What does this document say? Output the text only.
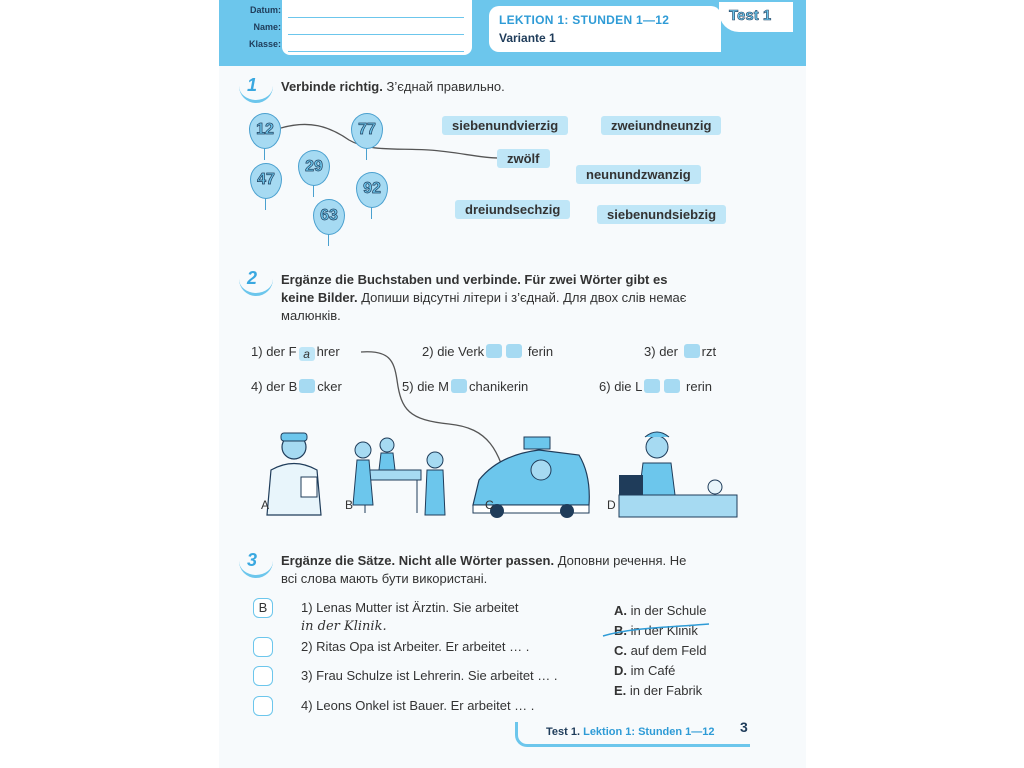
Datum:
Name:
Klasse:
LEKTION 1: STUNDEN 1—12
Variante 1
Test 1
1 Verbinde richtig. З’єднай правильно.
12	77
29
47
92
63
siebenundvierzig	zweiundneunzig
zwölf
neunundzwanzig
dreiundsechzig	siebenundsiebzig
2 Ergänze die Buchstaben und verbinde. Für zwei Wörter gibt es keine Bilder. Допиши відсутні літери і з’єднай. Для двох слів немає малюнків.
1) der F a hrer	2) die Verk	ferin	3) der rzt
4) der B cker	5) die M chanikerin	6) die L	rerin
A	B	C	D
3 Ergänze die Sätze. Nicht alle Wörter passen. Доповни речення. Не всі слова мають бути використані.
B	1) Lenas Mutter ist Ärztin. Sie arbeitet
in der Klinik.
2) Ritas Opa ist Arbeiter. Er arbeitet … .
3) Frau Schulze ist Lehrerin. Sie arbeitet … .
4) Leons Onkel ist Bauer. Er arbeitet … .
A. in der Schule
B. in der Klinik
C. auf dem Feld
D. im Café
E. in der Fabrik
Test 1. Lektion 1: Stunden 1—12 3
